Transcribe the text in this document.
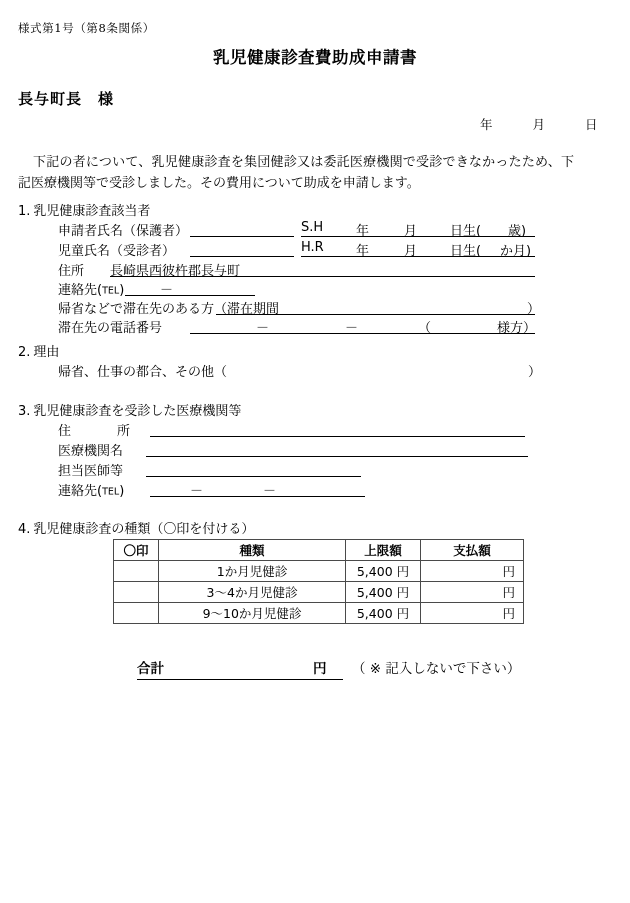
様式第1号（第8条関係）
乳児健康診査費助成申請書
長与町長　様
年	月	日
下記の者について、乳児健康診査を集団健診又は委託医療機関で受診できなかったため、下記医療機関等で受診しました。その費用について助成を申請します。
1. 乳児健康診査該当者
申請者氏名（保護者）	S.H	年	月	日生( 歳)
児童氏名（受診者）	H.R 年	月	日生( か月)
住所 長崎県西彼杵郡長与町
連絡先(TEL)	－
帰省などで滞在先のある方（滞在期間	）
滞在先の電話番号	－	－	（	様方）
2. 理由
帰省、仕事の都合、その他（	）
3. 乳児健康診査を受診した医療機関等
住所
医療機関名
担当医師等
連絡先(TEL)	－	－
4. 乳児健康診査の種類（〇印を付ける）
〇印	種類	上限額	支払額
	1か月児健診	5,400 円	円
	3～4か月児健診	5,400 円	円
	9～10か月児健診	5,400 円	円
合計	円 （ ※ 記入しないで下さい）
